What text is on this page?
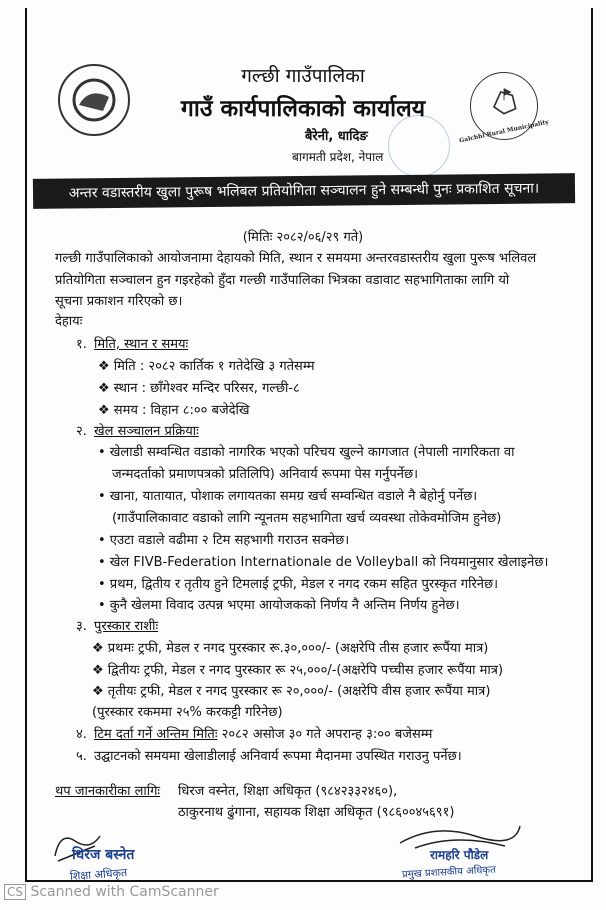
Galchhi Rural Municipality
गल्छी गाउँपालिका
गाउँ कार्यपालिकाको कार्यालय
बैरेनी, धादिङ
बागमती प्रदेश, नेपाल
अन्तर वडास्तरीय खुला पुरूष भलिबल प्रतियोगिता सञ्चालन हुने सम्बन्धी पुनः प्रकाशित सूचना।
(मितिः २०८२/०६/२९ गते)
गल्छी गाउँपालिकाको आयोजनामा देहायको मिति, स्थान र समयमा अन्तरवडास्तरीय खुला पुरूष भलिवल
प्रतियोगिता सञ्चालन हुन गइरहेको हुँदा गल्छी गाउँपालिका भित्रका वडावाट सहभागिताका लागि यो
सूचना प्रकाशन गरिएको छ।
देहायः
१. मिति, स्थान र समयः
❖ मिति : २०८२ कार्तिक १ गतेदेखि ३ गतेसम्म
❖ स्थान : छाँगेश्वर मन्दिर परिसर, गल्छी-८
❖ समय : विहान ८:०० बजेदेखि
२. खेल सञ्चालन प्रक्रियाः
• खेलाडी सम्वन्धित वडाको नागरिक भएको परिचय खुल्ने कागजात (नेपाली नागरिकता वा
जन्मदर्ताको प्रमाणपत्रको प्रतिलिपि) अनिवार्य रूपमा पेस गर्नुपर्नेछ।
• खाना, यातायात, पोशाक लगायतका समग्र खर्च सम्वन्धित वडाले नै बेहोर्नु पर्नेछ।
(गाउँपालिकावाट वडाको लागि न्यूनतम सहभागिता खर्च व्यवस्था तोकेवमोजिम हुनेछ)
• एउटा वडाले वढीमा २ टिम सहभागी गराउन सक्नेछ।
• खेल FIVB-Federation Internationale de Volleyball को नियमानुसार खेलाइनेछ।
• प्रथम, द्वितीय र तृतीय हुने टिमलाई ट्रफी, मेडल र नगद रकम सहित पुरस्कृत गरिनेछ।
• कुनै खेलमा विवाद उत्पन्न भएमा आयोजकको निर्णय नै अन्तिम निर्णय हुनेछ।
३. पुरस्कार राशीः
❖ प्रथमः ट्रफी, मेडल र नगद पुरस्कार रू.३०,०००/- (अक्षरेपि तीस हजार रूपैंया मात्र)
❖ द्वितीयः ट्रफी, मेडल र नगद पुरस्कार रू २५,०००/-(अक्षरेपि पच्चीस हजार रूपैंया मात्र)
❖ तृतीयः ट्रफी, मेडल र नगद पुरस्कार रू २०,०००/- (अक्षरेपि वीस हजार रूपैंया मात्र)
(पुरस्कार रकममा २५% करकट्टी गरिनेछ)
४. टिम दर्ता गर्ने अन्तिम मितिः २०८२ असोज ३० गते अपरान्ह ३:०० बजेसम्म
५. उद्घाटनको समयमा खेलाडीलाई अनिवार्य रूपमा मैदानमा उपस्थित गराउनु पर्नेछ।
थप जानकारीका लागिः धिरज वस्नेत, शिक्षा अधिकृत (९८४२३३२४६०),
ठाकुरनाथ ढुंगाना, सहायक शिक्षा अधिकृत (९८६००४५६९१)
धिरज बस्नेत
शिक्षा अधिकृत
रामहरि पौडेल
प्रमुख प्रशासकीय अधिकृत
CS Scanned with CamScanner
